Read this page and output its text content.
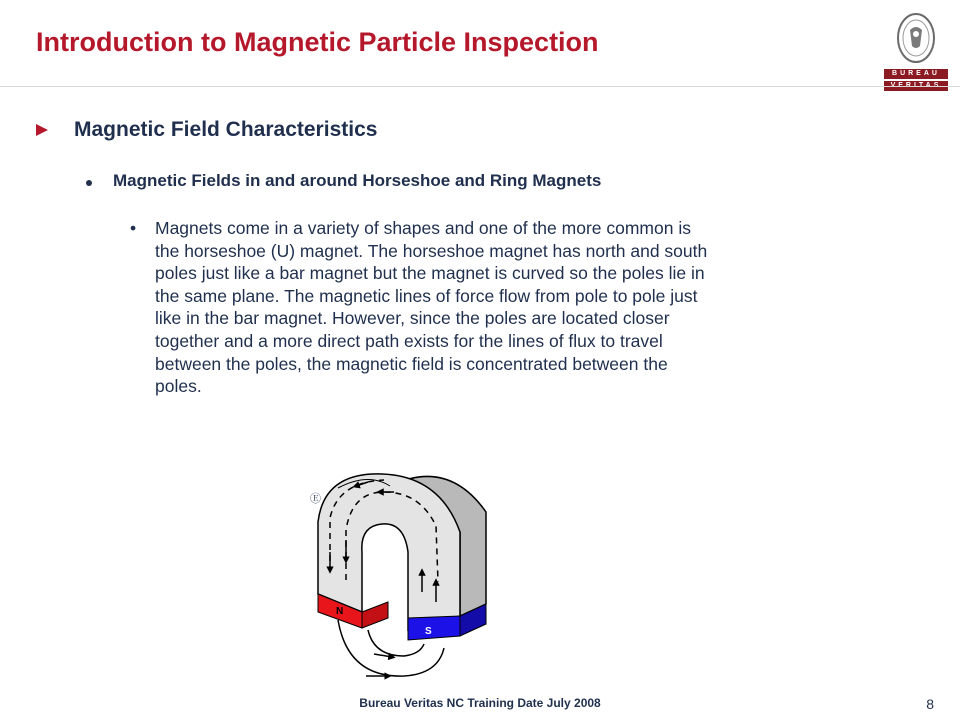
Introduction to Magnetic Particle Inspection
BUREAU
Magnetic Field Characteristics
Magnetic Fields in and around Horseshoe and Ring Magnets
• Magnets come in a variety of shapes and one of the more common is
the horseshoe (U) magnet. The horseshoe magnet has north and south
poles just like a bar magnet but the magnet is curved so the poles lie in
the same plane. The magnetic lines of force flow from pole to pole just
like in the bar magnet. However, since the poles are located closer
together and a more direct path exists for the lines of flux to travel
between the poles, the magnetic field is concentrated between the
poles.
Ⓔ
N
S
Bureau Veritas NC Training Date July 2008	8
